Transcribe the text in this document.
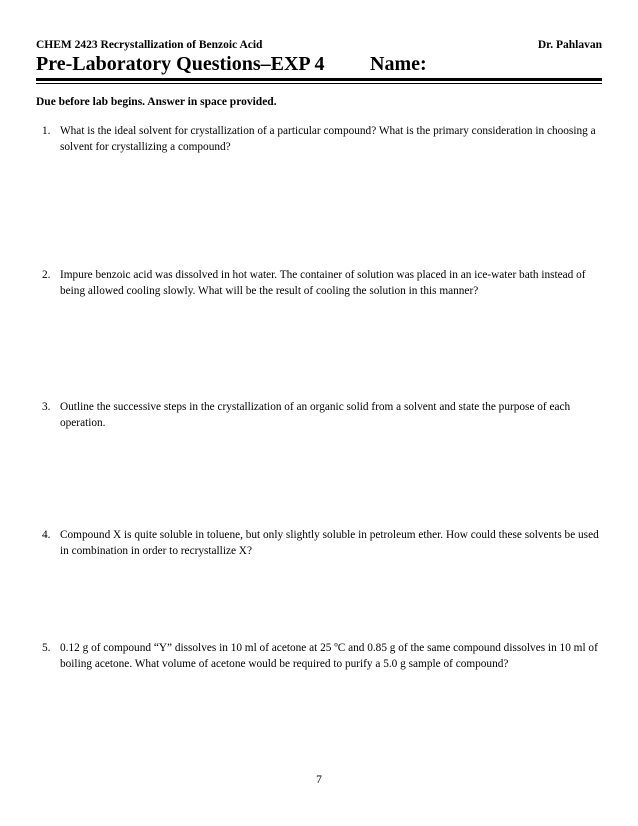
CHEM 2423 Recrystallization of Benzoic Acid	Dr. Pahlavan
Pre-Laboratory Questions–EXP 4 Name:
Due before lab begins. Answer in space provided.
1. What is the ideal solvent for crystallization of a particular compound? What is the primary consideration in choosing a solvent for crystallizing a compound?
2. Impure benzoic acid was dissolved in hot water. The container of solution was placed in an ice-water bath instead of being allowed cooling slowly. What will be the result of cooling the solution in this manner?
3. Outline the successive steps in the crystallization of an organic solid from a solvent and state the purpose of each operation.
4. Compound X is quite soluble in toluene, but only slightly soluble in petroleum ether. How could these solvents be used in combination in order to recrystallize X?
5. 0.12 g of compound “Y” dissolves in 10 ml of acetone at 25 ºC and 0.85 g of the same compound dissolves in 10 ml of boiling acetone. What volume of acetone would be required to purify a 5.0 g sample of compound?
7
